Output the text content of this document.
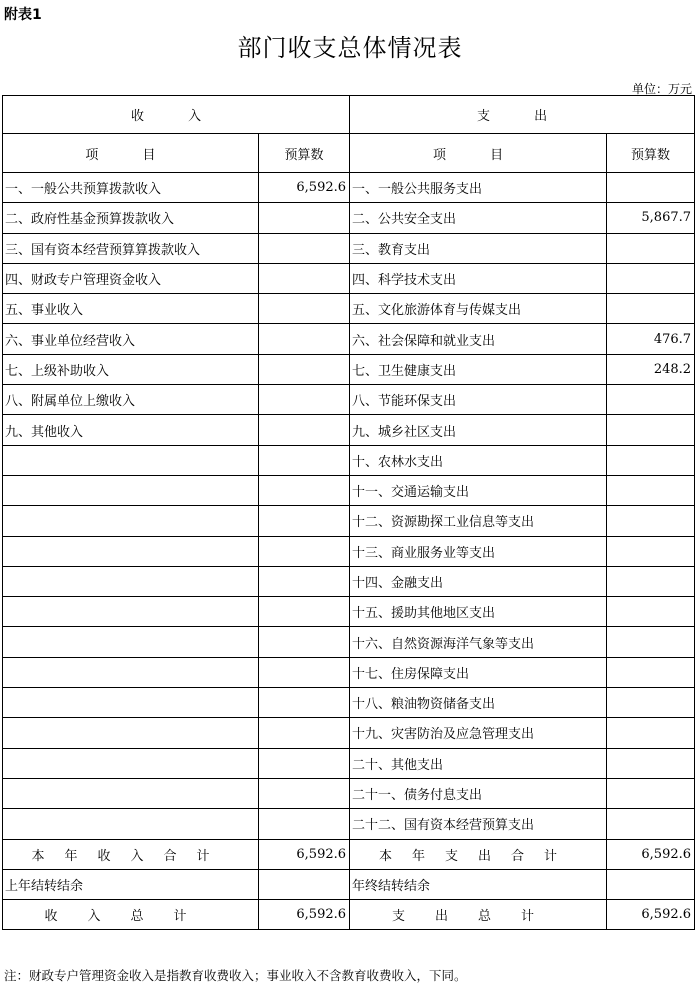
附表1
部门收支总体情况表
单位：万元
收 入		支 出	
项 目	预算数	项 目	预算数
一、一般公共预算拨款收入	6,592.6	一、一般公共服务支出	
二、政府性基金预算拨款收入		二、公共安全支出	5,867.7
三、国有资本经营预算算拨款收入		三、教育支出	
四、财政专户管理资金收入		四、科学技术支出	
五、事业收入		五、文化旅游体育与传媒支出	
六、事业单位经营收入		六、社会保障和就业支出	476.7
七、上级补助收入		七、卫生健康支出	248.2
八、附属单位上缴收入		八、节能环保支出	
九、其他收入		九、城乡社区支出	
		十、农林水支出	
		十一、交通运输支出	
		十二、资源勘探工业信息等支出	
		十三、商业服务业等支出	
		十四、金融支出	
		十五、援助其他地区支出	
		十六、自然资源海洋气象等支出	
		十七、住房保障支出	
		十八、粮油物资储备支出	
		十九、灾害防治及应急管理支出	
		二十、其他支出	
		二十一、债务付息支出	
		二十二、国有资本经营预算支出	
本年收入合计	6,592.6	本年支出合计	6,592.6
上年结转结余		年终结转结余	
收入总计	6,592.6	支出总计	6,592.6
注：财政专户管理资金收入是指教育收费收入；事业收入不含教育收费收入，下同。
